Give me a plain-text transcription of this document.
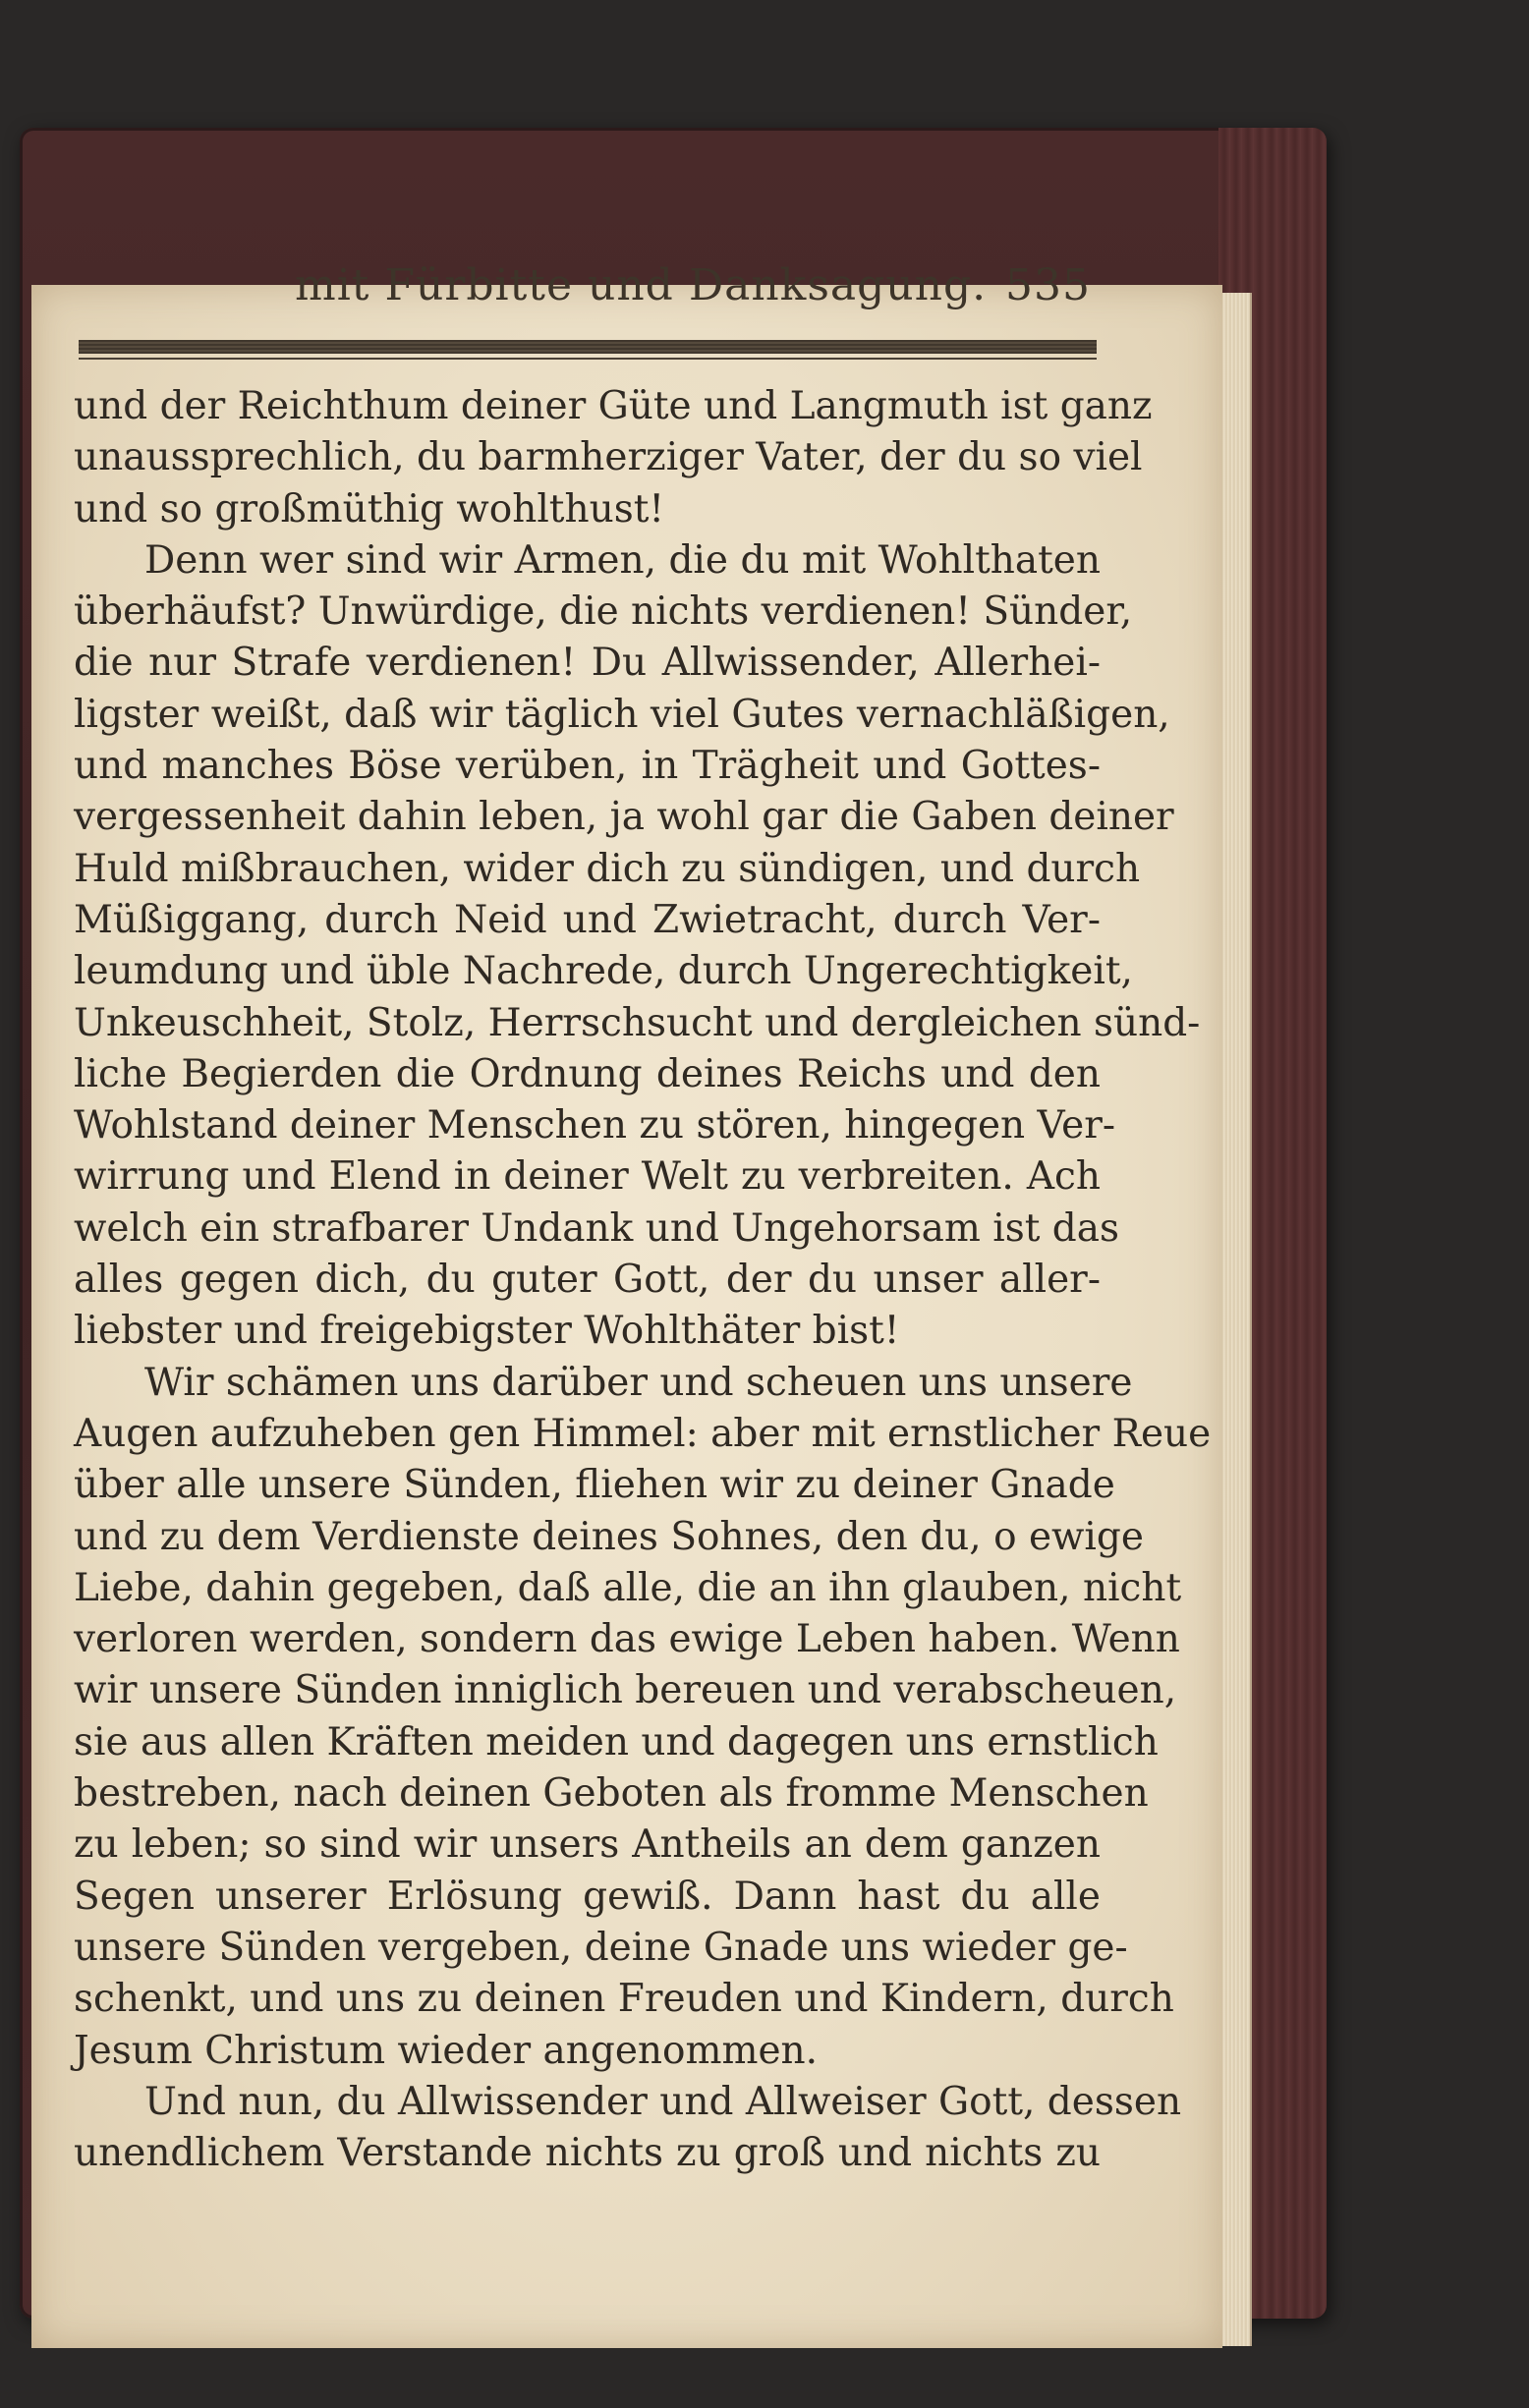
mit Fürbitte und Danksagung. 535
und der Reichthum deiner Güte und Langmuth ist ganz
unaussprechlich, du barmherziger Vater, der du so viel
und so großmüthig wohlthust!
Denn wer sind wir Armen, die du mit Wohlthaten
überhäufst? Unwürdige, die nichts verdienen! Sünder,
die nur Strafe verdienen! Du Allwissender, Allerhei-
ligster weißt, daß wir täglich viel Gutes vernachläßigen,
und manches Böse verüben, in Trägheit und Gottes-
vergessenheit dahin leben, ja wohl gar die Gaben deiner
Huld mißbrauchen, wider dich zu sündigen, und durch
Müßiggang, durch Neid und Zwietracht, durch Ver-
leumdung und üble Nachrede, durch Ungerechtigkeit,
Unkeuschheit, Stolz, Herrschsucht und dergleichen sünd-
liche Begierden die Ordnung deines Reichs und den
Wohlstand deiner Menschen zu stören, hingegen Ver-
wirrung und Elend in deiner Welt zu verbreiten. Ach
welch ein strafbarer Undank und Ungehorsam ist das
alles gegen dich, du guter Gott, der du unser aller-
liebster und freigebigster Wohlthäter bist!
Wir schämen uns darüber und scheuen uns unsere
Augen aufzuheben gen Himmel: aber mit ernstlicher Reue
über alle unsere Sünden, fliehen wir zu deiner Gnade
und zu dem Verdienste deines Sohnes, den du, o ewige
Liebe, dahin gegeben, daß alle, die an ihn glauben, nicht
verloren werden, sondern das ewige Leben haben. Wenn
wir unsere Sünden inniglich bereuen und verabscheuen,
sie aus allen Kräften meiden und dagegen uns ernstlich
bestreben, nach deinen Geboten als fromme Menschen
zu leben; so sind wir unsers Antheils an dem ganzen
Segen unserer Erlösung gewiß. Dann hast du alle
unsere Sünden vergeben, deine Gnade uns wieder ge-
schenkt, und uns zu deinen Freuden und Kindern, durch
Jesum Christum wieder angenommen.
Und nun, du Allwissender und Allweiser Gott, dessen
unendlichem Verstande nichts zu groß und nichts zu
